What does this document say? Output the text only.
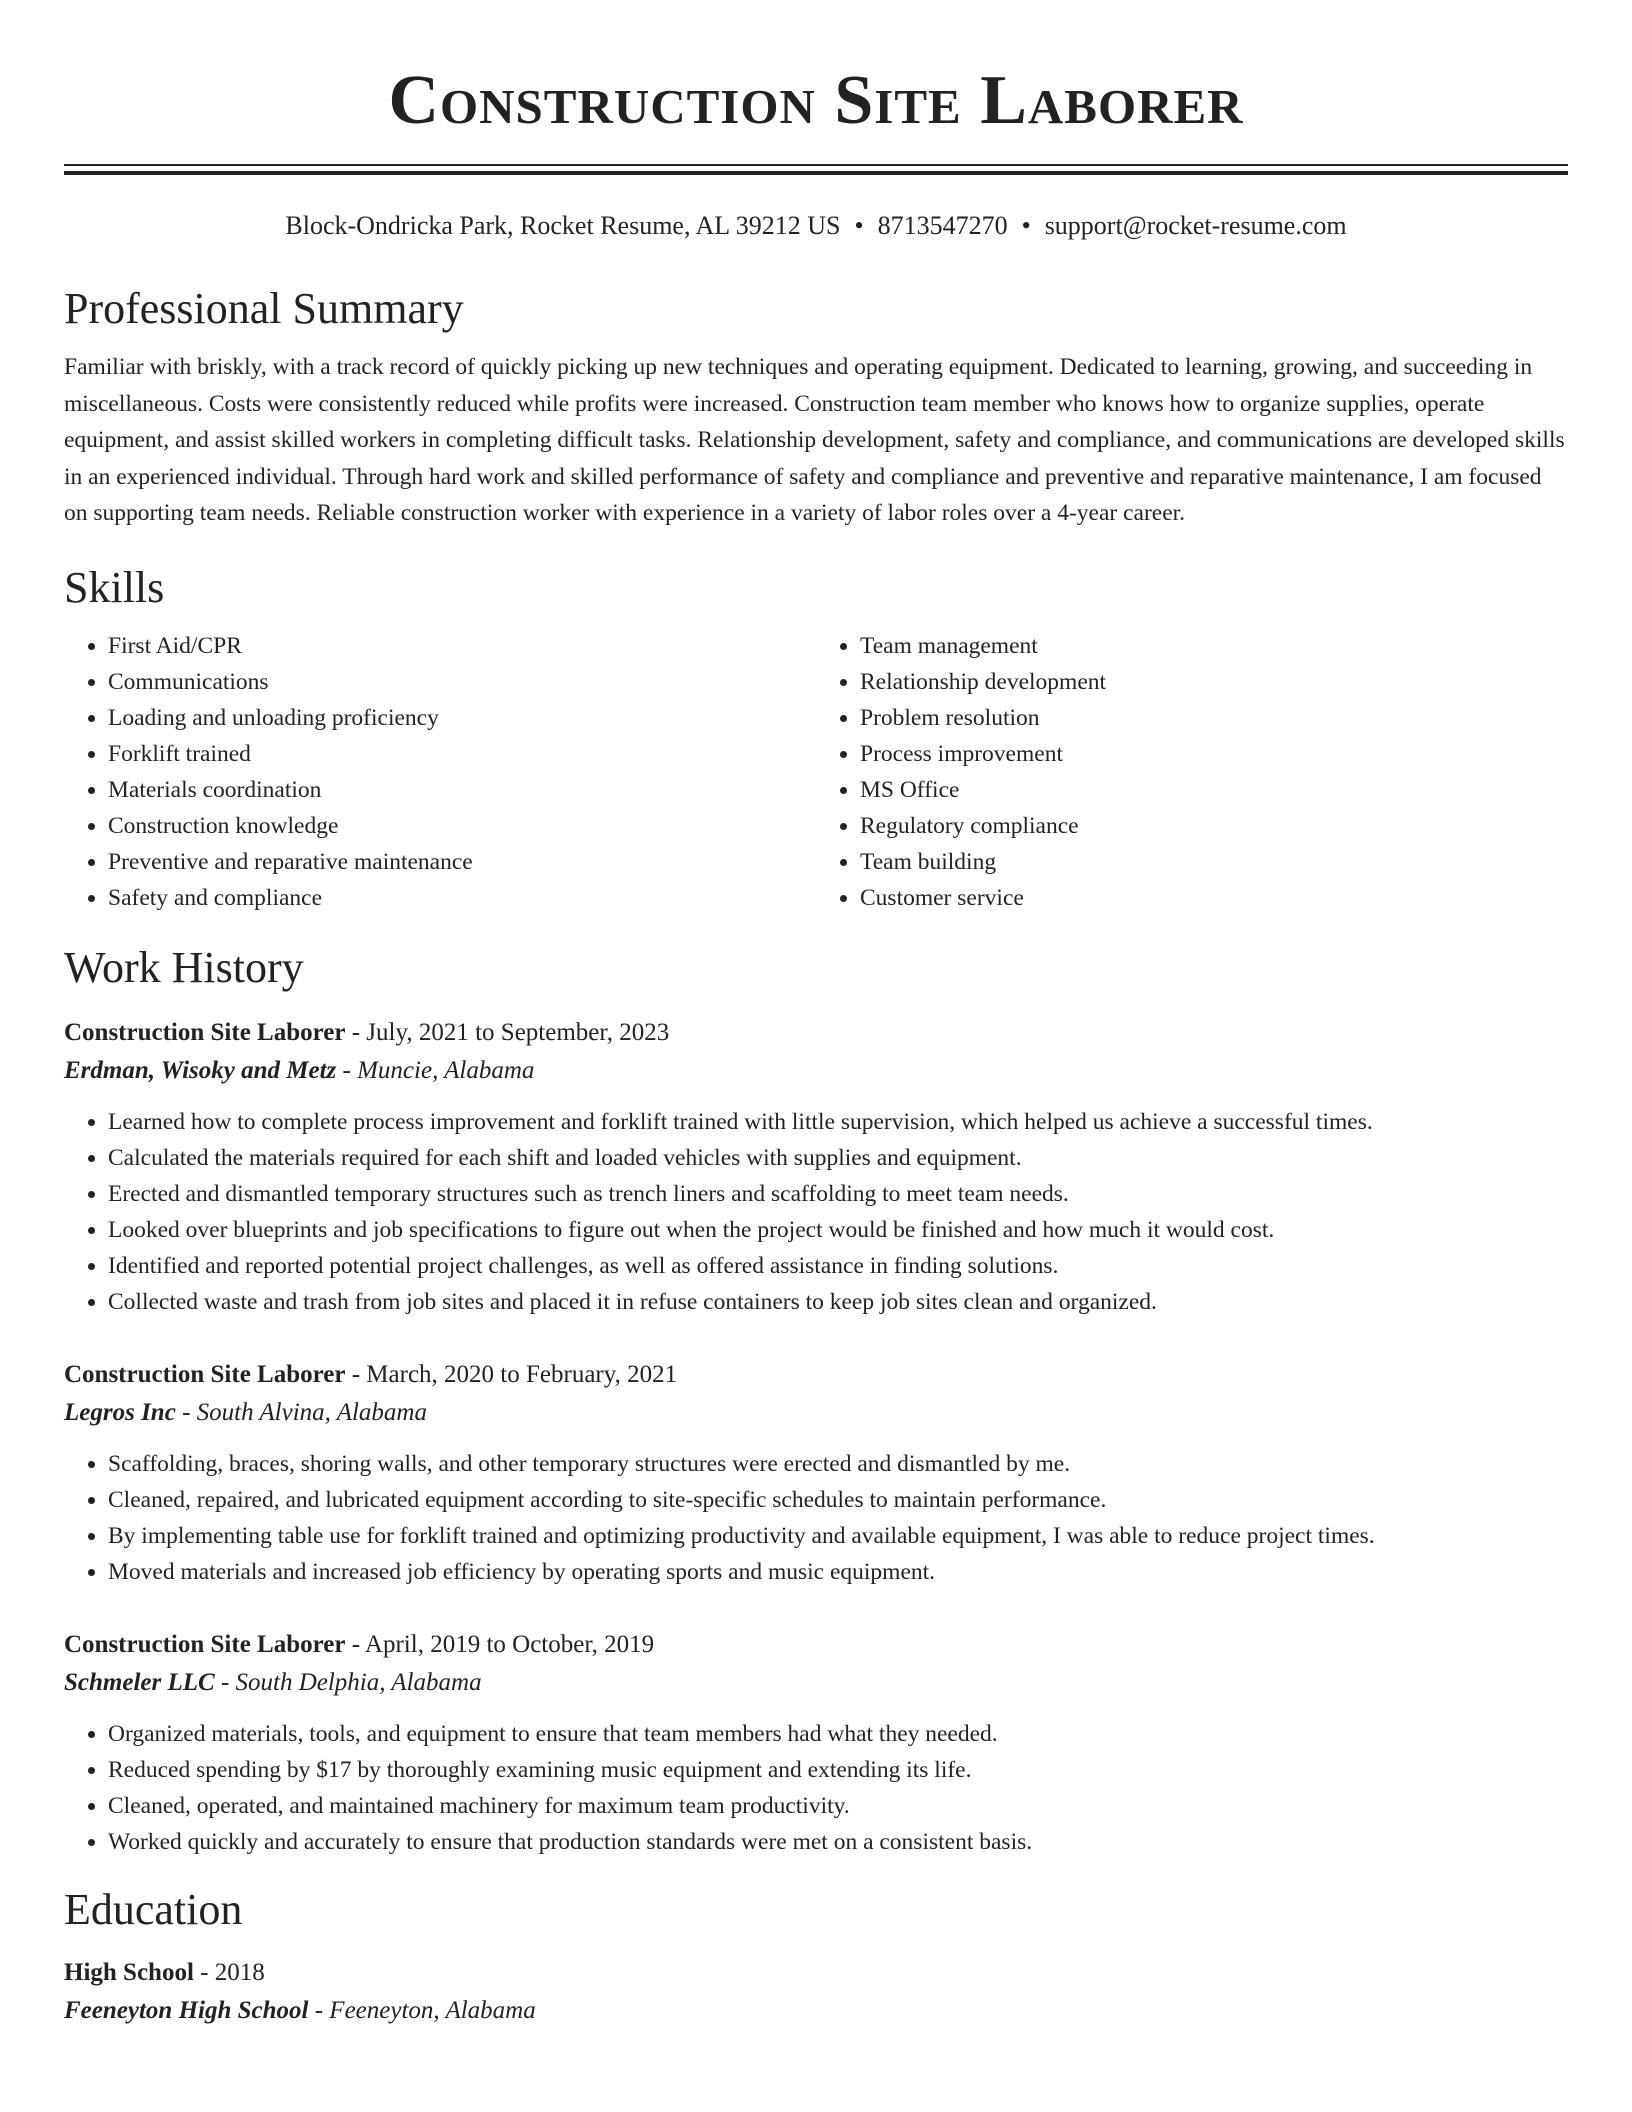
Construction Site Laborer
Block-Ondricka Park, Rocket Resume, AL 39212 US • 8713547270 • support@rocket-resume.com
Professional Summary

Familiar with briskly, with a track record of quickly picking up new techniques and operating equipment. Dedicated to learning, growing, and succeeding in miscellaneous. Costs were consistently reduced while profits were increased. Construction team member who knows how to organize supplies, operate equipment, and assist skilled workers in completing difficult tasks. Relationship development, safety and compliance, and communications are developed skills in an experienced individual. Through hard work and skilled performance of safety and compliance and preventive and reparative maintenance, I am focused on supporting team needs. Reliable construction worker with experience in a variety of labor roles over a 4-year career.

Skills
• First Aid/CPR
• Communications
• Loading and unloading proficiency
• Forklift trained
• Materials coordination
• Construction knowledge
• Preventive and reparative maintenance
• Safety and compliance
• Team management
• Relationship development
• Problem resolution
• Process improvement
• MS Office
• Regulatory compliance
• Team building
• Customer service
Work History
Construction Site Laborer - July, 2021 to September, 2023
Erdman, Wisoky and Metz - Muncie, Alabama
• Learned how to complete process improvement and forklift trained with little supervision, which helped us achieve a successful times.
• Calculated the materials required for each shift and loaded vehicles with supplies and equipment.
• Erected and dismantled temporary structures such as trench liners and scaffolding to meet team needs.
• Looked over blueprints and job specifications to figure out when the project would be finished and how much it would cost.
• Identified and reported potential project challenges, as well as offered assistance in finding solutions.
• Collected waste and trash from job sites and placed it in refuse containers to keep job sites clean and organized.
Construction Site Laborer - March, 2020 to February, 2021
Legros Inc - South Alvina, Alabama
• Scaffolding, braces, shoring walls, and other temporary structures were erected and dismantled by me.
• Cleaned, repaired, and lubricated equipment according to site-specific schedules to maintain performance.
• By implementing table use for forklift trained and optimizing productivity and available equipment, I was able to reduce project times.
• Moved materials and increased job efficiency by operating sports and music equipment.
Construction Site Laborer - April, 2019 to October, 2019
Schmeler LLC - South Delphia, Alabama
• Organized materials, tools, and equipment to ensure that team members had what they needed.
• Reduced spending by $17 by thoroughly examining music equipment and extending its life.
• Cleaned, operated, and maintained machinery for maximum team productivity.
• Worked quickly and accurately to ensure that production standards were met on a consistent basis.
Education
High School - 2018
Feeneyton High School - Feeneyton, Alabama
